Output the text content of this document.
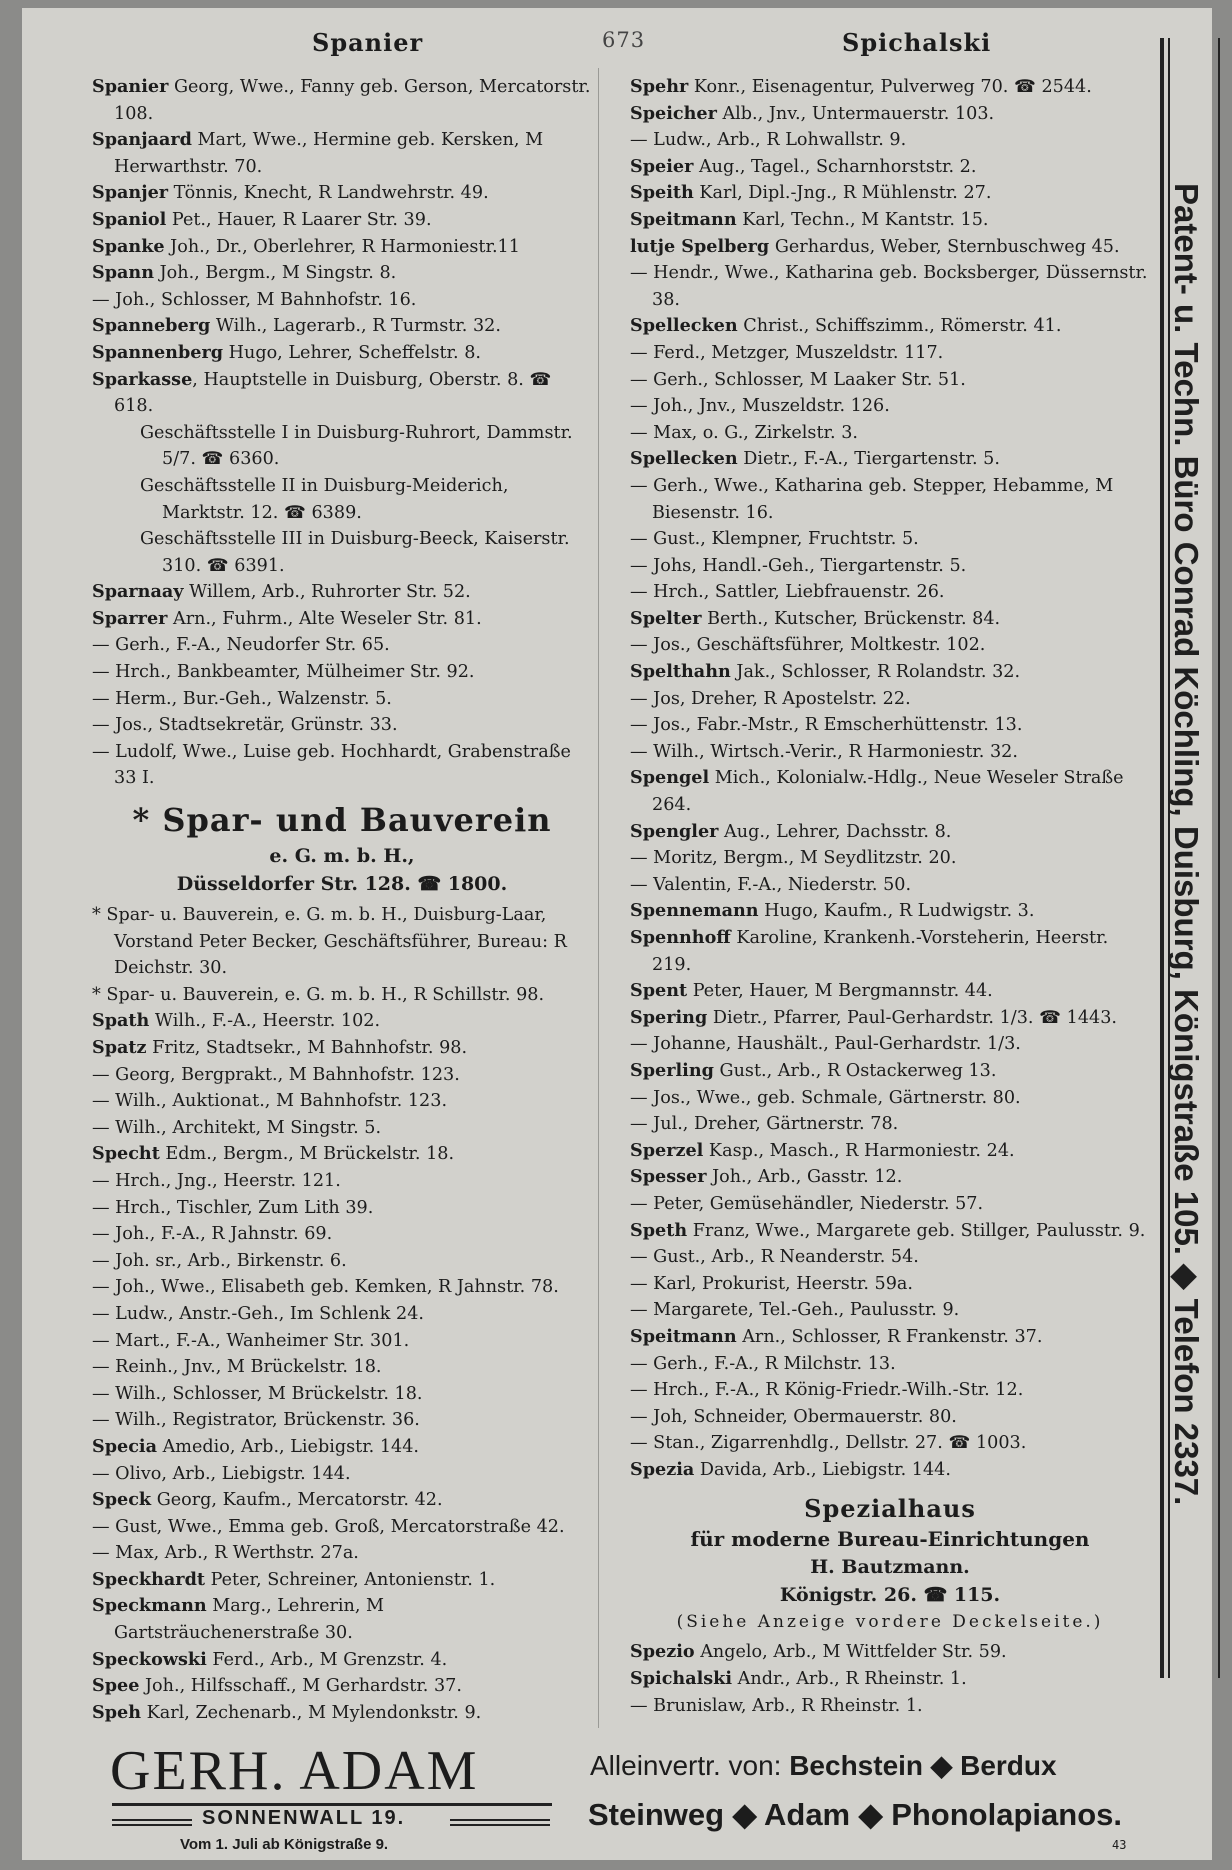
Spanier	673	Spichalski
Spanier Georg, Wwe., Fanny geb. Gerson, Mercatorstr. 108.
Spanjaard Mart, Wwe., Hermine geb. Kersken, M Herwarthstr. 70.
Spanjer Tönnis, Knecht, R Landwehrstr. 49.
Spaniol Pet., Hauer, R Laarer Str. 39.
Spanke Joh., Dr., Oberlehrer, R Harmoniestr.11
Spann Joh., Bergm., M Singstr. 8.
— Joh., Schlosser, M Bahnhofstr. 16.
Spanneberg Wilh., Lagerarb., R Turmstr. 32.
Spannenberg Hugo, Lehrer, Scheffelstr. 8.
Sparkasse, Hauptstelle in Duisburg, Oberstr. 8. ☎ 618.
Geschäftsstelle I in Duisburg-Ruhrort, Dammstr. 5/7. ☎ 6360.
Geschäftsstelle II in Duisburg-Meiderich, Marktstr. 12. ☎ 6389.
Geschäftsstelle III in Duisburg-Beeck, Kaiserstr. 310. ☎ 6391.
Sparnaay Willem, Arb., Ruhrorter Str. 52.
Sparrer Arn., Fuhrm., Alte Weseler Str. 81.
— Gerh., F.-A., Neudorfer Str. 65.
— Hrch., Bankbeamter, Mülheimer Str. 92.
— Herm., Bur.-Geh., Walzenstr. 5.
— Jos., Stadtsekretär, Grünstr. 33.
— Ludolf, Wwe., Luise geb. Hochhardt, Grabenstraße 33 I.
* Spar- und Bauverein
e. G. m. b. H.,
Düsseldorfer Str. 128. ☎ 1800.
* Spar- u. Bauverein, e. G. m. b. H., Duisburg-Laar, Vorstand Peter Becker, Geschäftsführer, Bureau: R Deichstr. 30.
* Spar- u. Bauverein, e. G. m. b. H., R Schillstr. 98.
Spath Wilh., F.-A., Heerstr. 102.
Spatz Fritz, Stadtsekr., M Bahnhofstr. 98.
— Georg, Bergprakt., M Bahnhofstr. 123.
— Wilh., Auktionat., M Bahnhofstr. 123.
— Wilh., Architekt, M Singstr. 5.
Specht Edm., Bergm., M Brückelstr. 18.
— Hrch., Jng., Heerstr. 121.
— Hrch., Tischler, Zum Lith 39.
— Joh., F.-A., R Jahnstr. 69.
— Joh. sr., Arb., Birkenstr. 6.
— Joh., Wwe., Elisabeth geb. Kemken, R Jahnstr. 78.
— Ludw., Anstr.-Geh., Im Schlenk 24.
— Mart., F.-A., Wanheimer Str. 301.
— Reinh., Jnv., M Brückelstr. 18.
— Wilh., Schlosser, M Brückelstr. 18.
— Wilh., Registrator, Brückenstr. 36.
Specia Amedio, Arb., Liebigstr. 144.
— Olivo, Arb., Liebigstr. 144.
Speck Georg, Kaufm., Mercatorstr. 42.
— Gust, Wwe., Emma geb. Groß, Mercatorstraße 42.
— Max, Arb., R Werthstr. 27a.
Speckhardt Peter, Schreiner, Antonienstr. 1.
Speckmann Marg., Lehrerin, M Gartsträuchenerstraße 30.
Speckowski Ferd., Arb., M Grenzstr. 4.
Spee Joh., Hilfsschaff., M Gerhardstr. 37.
Speh Karl, Zechenarb., M Mylendonkstr. 9.
Spehr Konr., Eisenagentur, Pulverweg 70. ☎ 2544.
Speicher Alb., Jnv., Untermauerstr. 103.
— Ludw., Arb., R Lohwallstr. 9.
Speier Aug., Tagel., Scharnhorststr. 2.
Speith Karl, Dipl.-Jng., R Mühlenstr. 27.
Speitmann Karl, Techn., M Kantstr. 15.
lutje Spelberg Gerhardus, Weber, Sternbuschweg 45.
— Hendr., Wwe., Katharina geb. Bocksberger, Düssernstr. 38.
Spellecken Christ., Schiffszimm., Römerstr. 41.
— Ferd., Metzger, Muszeldstr. 117.
— Gerh., Schlosser, M Laaker Str. 51.
— Joh., Jnv., Muszeldstr. 126.
— Max, o. G., Zirkelstr. 3.
Spellecken Dietr., F.-A., Tiergartenstr. 5.
— Gerh., Wwe., Katharina geb. Stepper, Hebamme, M Biesenstr. 16.
— Gust., Klempner, Fruchtstr. 5.
— Johs, Handl.-Geh., Tiergartenstr. 5.
— Hrch., Sattler, Liebfrauenstr. 26.
Spelter Berth., Kutscher, Brückenstr. 84.
— Jos., Geschäftsführer, Moltkestr. 102.
Spelthahn Jak., Schlosser, R Rolandstr. 32.
— Jos, Dreher, R Apostelstr. 22.
— Jos., Fabr.-Mstr., R Emscherhüttenstr. 13.
— Wilh., Wirtsch.-Verir., R Harmoniestr. 32.
Spengel Mich., Kolonialw.-Hdlg., Neue Weseler Straße 264.
Spengler Aug., Lehrer, Dachsstr. 8.
— Moritz, Bergm., M Seydlitzstr. 20.
— Valentin, F.-A., Niederstr. 50.
Spennemann Hugo, Kaufm., R Ludwigstr. 3.
Spennhoff Karoline, Krankenh.-Vorsteherin, Heerstr. 219.
Spent Peter, Hauer, M Bergmannstr. 44.
Spering Dietr., Pfarrer, Paul-Gerhardstr. 1/3. ☎ 1443.
— Johanne, Haushält., Paul-Gerhardstr. 1/3.
Sperling Gust., Arb., R Ostackerweg 13.
— Jos., Wwe., geb. Schmale, Gärtnerstr. 80.
— Jul., Dreher, Gärtnerstr. 78.
Sperzel Kasp., Masch., R Harmoniestr. 24.
Spesser Joh., Arb., Gasstr. 12.
— Peter, Gemüsehändler, Niederstr. 57.
Speth Franz, Wwe., Margarete geb. Stillger, Paulusstr. 9.
— Gust., Arb., R Neanderstr. 54.
— Karl, Prokurist, Heerstr. 59a.
— Margarete, Tel.-Geh., Paulusstr. 9.
Speitmann Arn., Schlosser, R Frankenstr. 37.
— Gerh., F.-A., R Milchstr. 13.
— Hrch., F.-A., R König-Friedr.-Wilh.-Str. 12.
— Joh, Schneider, Obermauerstr. 80.
— Stan., Zigarrenhdlg., Dellstr. 27. ☎ 1003.
Spezia Davida, Arb., Liebigstr. 144.
Spezialhaus
für moderne Bureau-Einrichtungen
H. Bautzmann.
Königstr. 26. ☎ 115.
(Siehe Anzeige vordere Deckelseite.)
Spezio Angelo, Arb., M Wittfelder Str. 59.
Spichalski Andr., Arb., R Rheinstr. 1.
— Brunislaw, Arb., R Rheinstr. 1.
Patent- u. Techn. Büro Conrad Köchling, Duisburg, Königstraße 105. ◆ Telefon 2337.
GERH. ADAM
SONNENWALL 19.
Vom 1. Juli ab Königstraße 9.
Alleinvertr. von: Bechstein ◆ Berdux
Steinweg ◆ Adam ◆ Phonolapianos.
43
